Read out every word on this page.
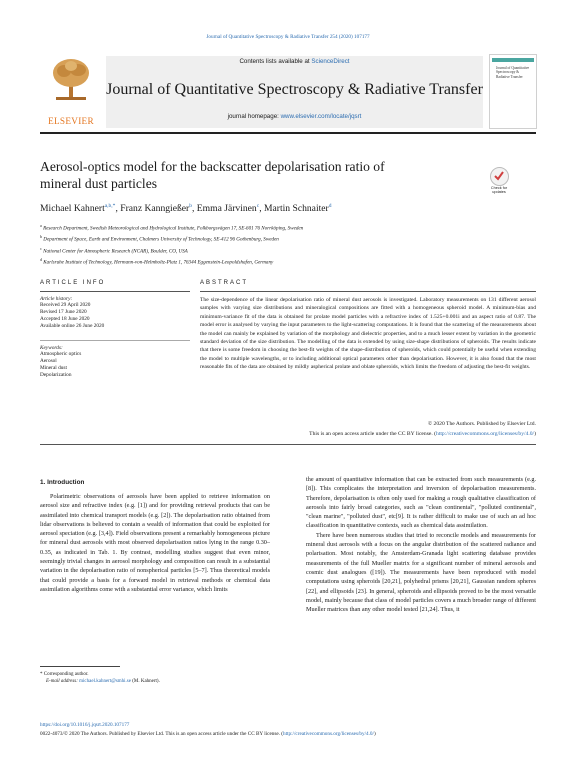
Journal of Quantitative Spectroscopy & Radiative Transfer 254 (2020) 107177
ELSEVIER
Contents lists available at ScienceDirect
Journal of Quantitative Spectroscopy & Radiative Transfer
journal homepage: www.elsevier.com/locate/jqsrt
Journal of Quantitative Spectroscopy & Radiative Transfer
Aerosol-optics model for the backscatter depolarisation ratio of
mineral dust particles	Check for updates
Michael Kahnert$^{a,b,*}$, Franz Kanngießer$^b$, Emma Järvinen$^c$, Martin Schnaiter$^d$
$^a$ Research Department, Swedish Meteorological and Hydrological Institute, Folkborgsvägen 17, SE-601 76 Norrköping, Sweden
$^b$ Department of Space, Earth and Environment, Chalmers University of Technology, SE-412 96 Gothenburg, Sweden
$^c$ National Center for Atmospheric Research (NCAR), Boulder, CO, USA
$^d$ Karlsruhe Institute of Technology, Hermann-von-Helmholtz-Platz 1, 76344 Eggenstein-Leopoldshafen, Germany
ARTICLE INFO	ABSTRACT
Article history:
Received 29 April 2020
Revised 17 June 2020
Accepted 18 June 2020
Available online 26 June 2020
Keywords:
Atmospheric optics
Aerosol
Mineral dust
Depolarization
The size-dependence of the linear depolarisation ratio of mineral dust aerosols is investigated. Laboratory measurements on 131 different aerosol samples with varying size distributions and mineralogical compositions are fitted with a homogeneous spheroid model. A minimum-bias and minimum-variance fit of the data is obtained for prolate model particles with a refractive index of 1.525+0.001i and an aspect ratio of 0.87. The model error is analysed by varying the input parameters to the light-scattering computations. It is found that the scattering of the measurements about the model can mainly be explained by variation of the morphology and dielectric properties, and to a much lesser extent by variation in the geometric standard deviation of the size distribution. The modelling of the data is extended by using size-shape distributions of spheroids. The results indicate that there is some freedom in choosing the best-fit weights of the shape-distribution of spheroids, which could potentially be useful when extending the model to multiple wavelengths, or to including additional optical parameters other than depolarisation. However, it is also found that the most reasonable fits of the data are obtained by mildly aspherical prolate and oblate spheroids, which limits the freedom of adjusting the best-fit weights.
© 2020 The Authors. Published by Elsevier Ltd.
This is an open access article under the CC BY license. (http://creativecommons.org/licenses/by/4.0/)
1. Introduction

Polarimetric observations of aerosols have been applied to retrieve information on aerosol size and refractive index (e.g. [1]) and for providing retrieval products that can be assimilated into chemical transport models (e.g. [2]). The depolarisation ratio obtained from lidar observations is believed to contain a wealth of information that could be exploited for aerosol speciation (e.g. [3,4]). Field observations present a remarkably homogeneous picture for mineral dust aerosols with most observed depolarisation ratios lying in the range 0.30–0.35, as indicated in Tab. 1. By contrast, modelling studies suggest that even minor, seemingly trivial changes in aerosol morphology and composition can result in a substantial variation in the depolarisation ratio of nonspherical particles [5–7]. Thus theoretical models that could provide a basis for a forward model in retrieval methods or chemical data assimilation algorithms come with a substantial error variance, which limits

the amount of quantitative information that can be extracted from such measurements (e.g. [8]). This complicates the interpretation and inversion of depolarisation measurements. Therefore, depolarisation is often only used for making a rough qualitative classification of aerosols into fairly broad categories, such as "clean continental", "polluted continental", "clean marine", "polluted dust", etc[9]. It is rather difficult to make use of such an ad hoc classification in quantitative contexts, such as chemical data assimilation.

There have been numerous studies that tried to reconcile models and measurements for mineral dust aerosols with a focus on the angular distribution of the scattered radiance and polarisation. Most notably, the Amsterdam-Granada light scattering database provides measurements of the full Mueller matrix for a significant number of mineral aerosols and cosmic dust analogues ([19]). The measurements have been reproduced with model computations using spheroids [20,21], polyhedral prisms [20,21], Gaussian random spheres [22], and ellipsoids [23]. In general, spheroids and ellipsoids proved to be the most versatile model, mainly because that class of model particles covers a much broader range of different Mueller matrices than any other model tested [21,24]. Thus, it

* Corresponding author.
E-mail address: michael.kahnert@smhi.se (M. Kahnert).
https://doi.org/10.1016/j.jqsrt.2020.107177
0022-4073/© 2020 The Authors. Published by Elsevier Ltd. This is an open access article under the CC BY license. (http://creativecommons.org/licenses/by/4.0/)
